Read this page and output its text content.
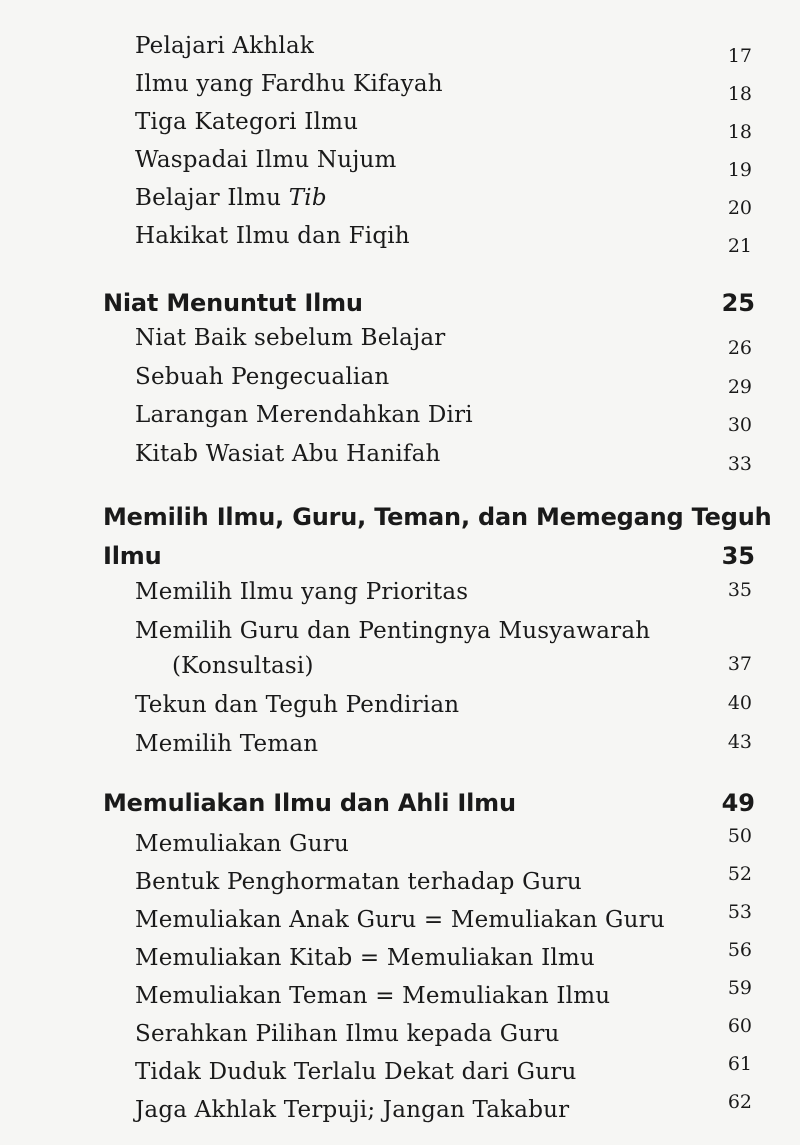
Pelajari Akhlak	17
Ilmu yang Fardhu Kifayah	18
Tiga Kategori Ilmu	18
Waspadai Ilmu Nujum	19
Belajar Ilmu Tib	20
Hakikat Ilmu dan Fiqih	21
Niat Menuntut Ilmu	25
Niat Baik sebelum Belajar	26
Sebuah Pengecualian	29
Larangan Merendahkan Diri	30
Kitab Wasiat Abu Hanifah	33
Memilih Ilmu, Guru, Teman, dan Memegang Teguh
Ilmu	35
Memilih Ilmu yang Prioritas	35
Memilih Guru dan Pentingnya Musyawarah
(Konsultasi)	37
Tekun dan Teguh Pendirian	40
Memilih Teman	43
Memuliakan Ilmu dan Ahli Ilmu	49
Memuliakan Guru	50
Bentuk Penghormatan terhadap Guru	52
Memuliakan Anak Guru = Memuliakan Guru	53
Memuliakan Kitab = Memuliakan Ilmu	56
Memuliakan Teman = Memuliakan Ilmu	59
Serahkan Pilihan Ilmu kepada Guru	60
Tidak Duduk Terlalu Dekat dari Guru	61
Jaga Akhlak Terpuji; Jangan Takabur	62
